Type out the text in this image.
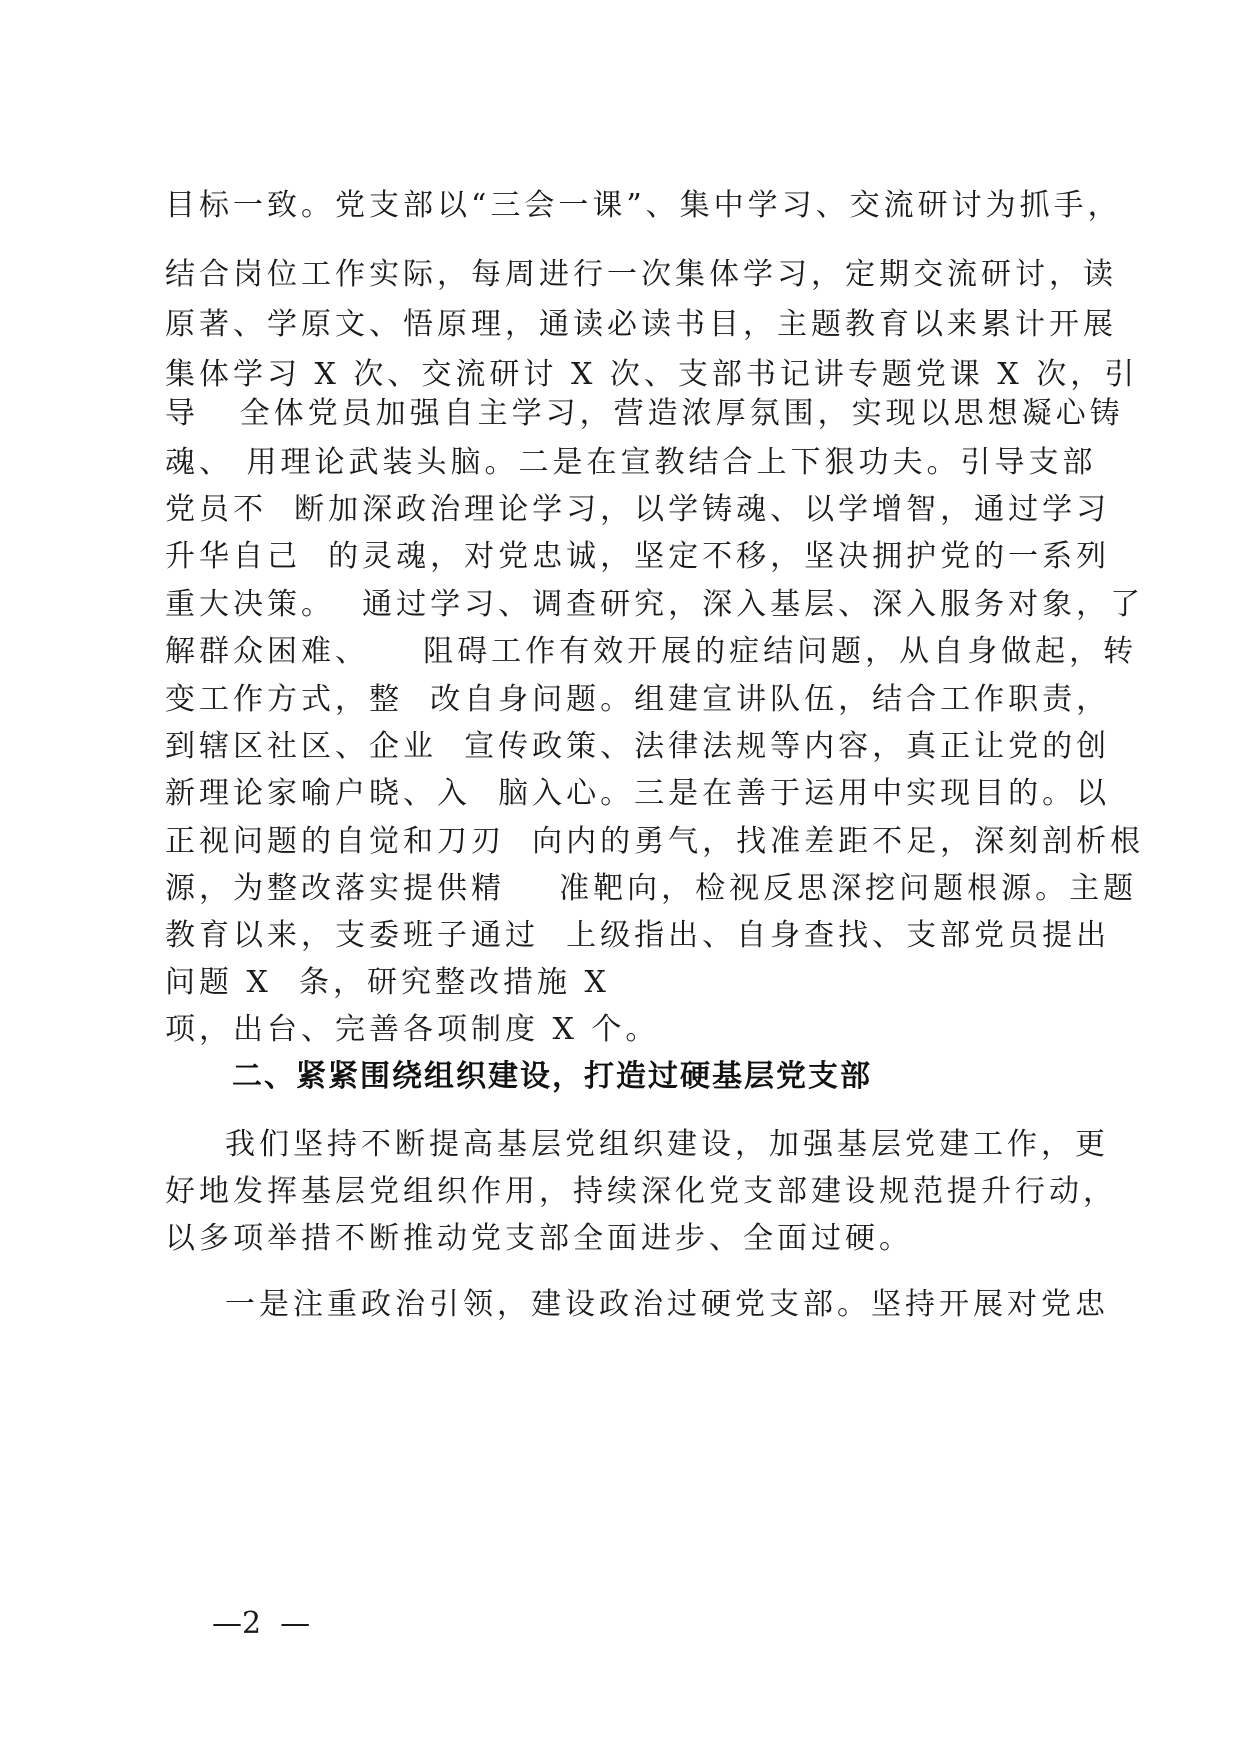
目标一致。党支部以“三会一课”、集中学习、交流研讨为抓手，

结合岗位工作实际，每周进行一次集体学习，定期交流研讨，读

原著、学原文、悟原理，通读必读书目，主题教育以来累计开展

集体学习 X 次、交流研讨 X 次、支部书记讲专题党课 X 次，引

导   全体党员加强自主学习，营造浓厚氛围，实现以思想凝心铸

魂、 用理论武装头脑。二是在宣教结合上下狠功夫。引导支部

党员不  断加深政治理论学习，以学铸魂、以学增智，通过学习

升华自己  的灵魂，对党忠诚，坚定不移，坚决拥护党的一系列

重大决策。  通过学习、调查研究，深入基层、深入服务对象，了

解群众困难、    阻碍工作有效开展的症结问题，从自身做起，转

变工作方式，整  改自身问题。组建宣讲队伍，结合工作职责，

到辖区社区、企业  宣传政策、法律法规等内容，真正让党的创

新理论家喻户晓、入  脑入心。三是在善于运用中实现目的。以

正视问题的自觉和刀刃  向内的勇气，找准差距不足，深刻剖析根

源，为整改落实提供精    准靶向，检视反思深挖问题根源。主题

教育以来，支委班子通过  上级指出、自身查找、支部党员提出

问题 X  条，研究整改措施 X

项，出台、完善各项制度 X 个。

二、紧紧围绕组织建设，打造过硬基层党支部

我们坚持不断提高基层党组织建设，加强基层党建工作，更

好地发挥基层党组织作用，持续深化党支部建设规范提升行动，

以多项举措不断推动党支部全面进步、全面过硬。

一是注重政治引领，建设政治过硬党支部。坚持开展对党忠

—2  —
